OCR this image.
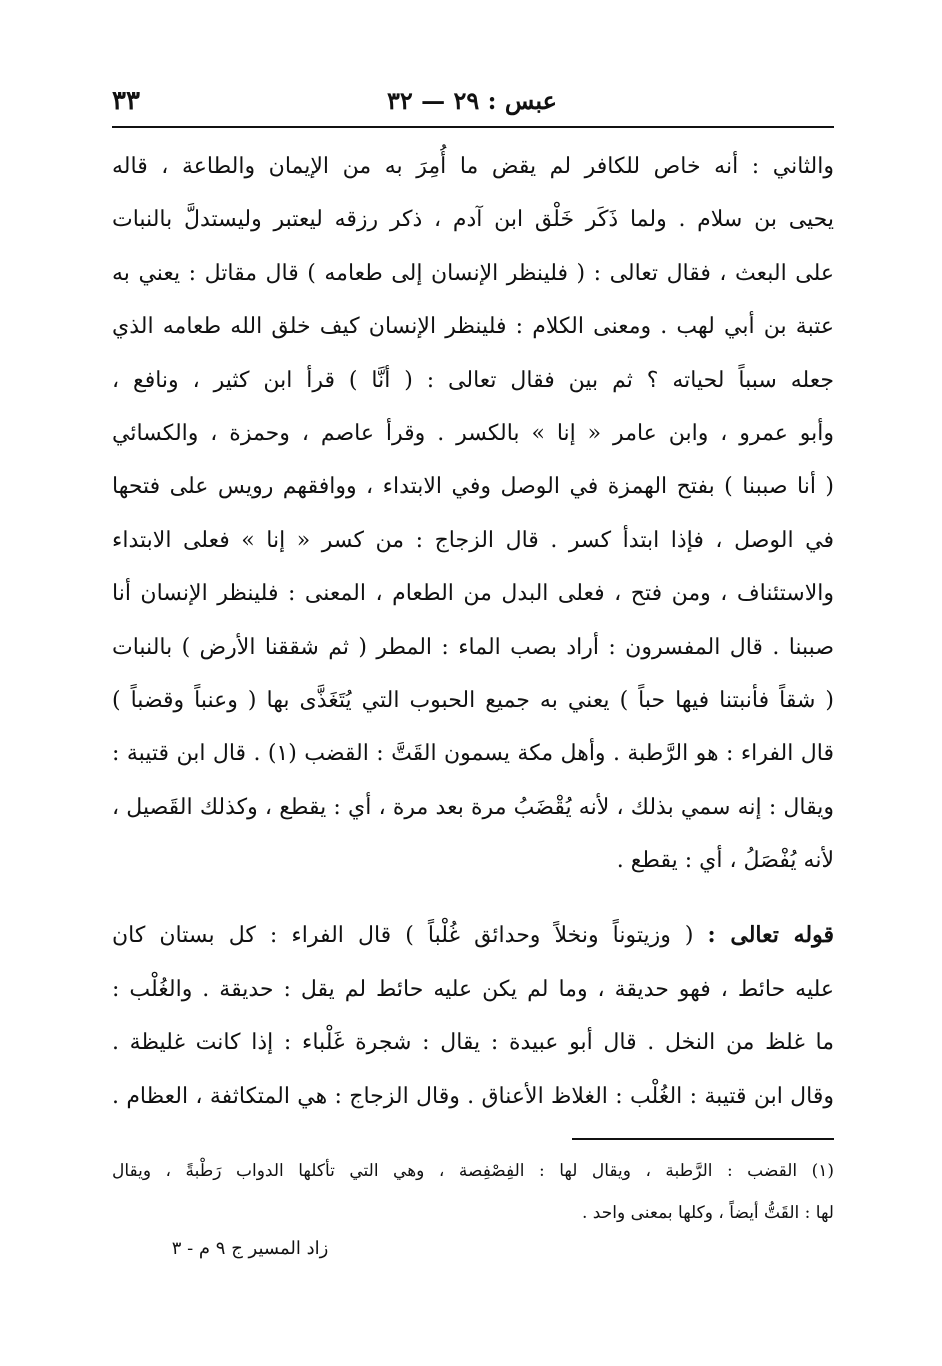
٣٣	عبس : ٢٩ — ٣٢
والثاني : أنه خاص للكافر لم يقض ما أُمِرَ به من الإيمان والطاعة ، قاله
يحيى بن سلام . ولما ذَكَر خَلْق ابن آدم ، ذكر رزقه ليعتبر وليستدلَّ بالنبات
على البعث ، فقال تعالى : ( فلينظر الإنسان إلى طعامه ) قال مقاتل : يعني به
عتبة بن أبي لهب . ومعنى الكلام : فلينظر الإنسان كيف خلق الله طعامه الذي
جعله سبباً لحياته ؟ ثم بين فقال تعالى : ( أنَّا ) قرأ ابن كثير ، ونافع ،
وأبو عمرو ، وابن عامر « إنا » بالكسر . وقرأ عاصم ، وحمزة ، والكسائي
( أنا صببنا ) بفتح الهمزة في الوصل وفي الابتداء ، ووافقهم رويس على فتحها
في الوصل ، فإذا ابتدأ كسر . قال الزجاج : من كسر « إنا » فعلى الابتداء
والاستئناف ، ومن فتح ، فعلى البدل من الطعام ، المعنى : فلينظر الإنسان أنا
صببنا . قال المفسرون : أراد بصب الماء : المطر ( ثم شققنا الأرض ) بالنبات
( شقاً فأنبتنا فيها حباً ) يعني به جميع الحبوب التي يُتَغَذَّى بها ( وعنباً وقضباً )
قال الفراء : هو الرَّطبة . وأهل مكة يسمون القَتَّ : القضب (١) . قال ابن قتيبة :
ويقال : إنه سمي بذلك ، لأنه يُقْضَبُ مرة بعد مرة ، أي : يقطع ، وكذلك القَصيل ،
لأنه يُفْصَلُ ، أي : يقطع .
قوله تعالى : ( وزيتوناً ونخلاً وحدائق غُلْباً ) قال الفراء : كل بستان كان
عليه حائط ، فهو حديقة ، وما لم يكن عليه حائط لم يقل : حديقة . والغُلْب :
ما غلظ من النخل . قال أبو عبيدة : يقال : شجرة غَلْباء : إذا كانت غليظة .
وقال ابن قتيبة : الغُلْب : الغلاظ الأعناق . وقال الزجاج : هي المتكاثفة ، العظام .
(١) القضب : الرَّطبة ، ويقال لها : الفِصْفِصة ، وهي التي تأكلها الدواب رَطْبةً ، ويقال
لها : القَتُّ أيضاً ، وكلها بمعنى واحد .
زاد المسير ج ٩ م - ٣
